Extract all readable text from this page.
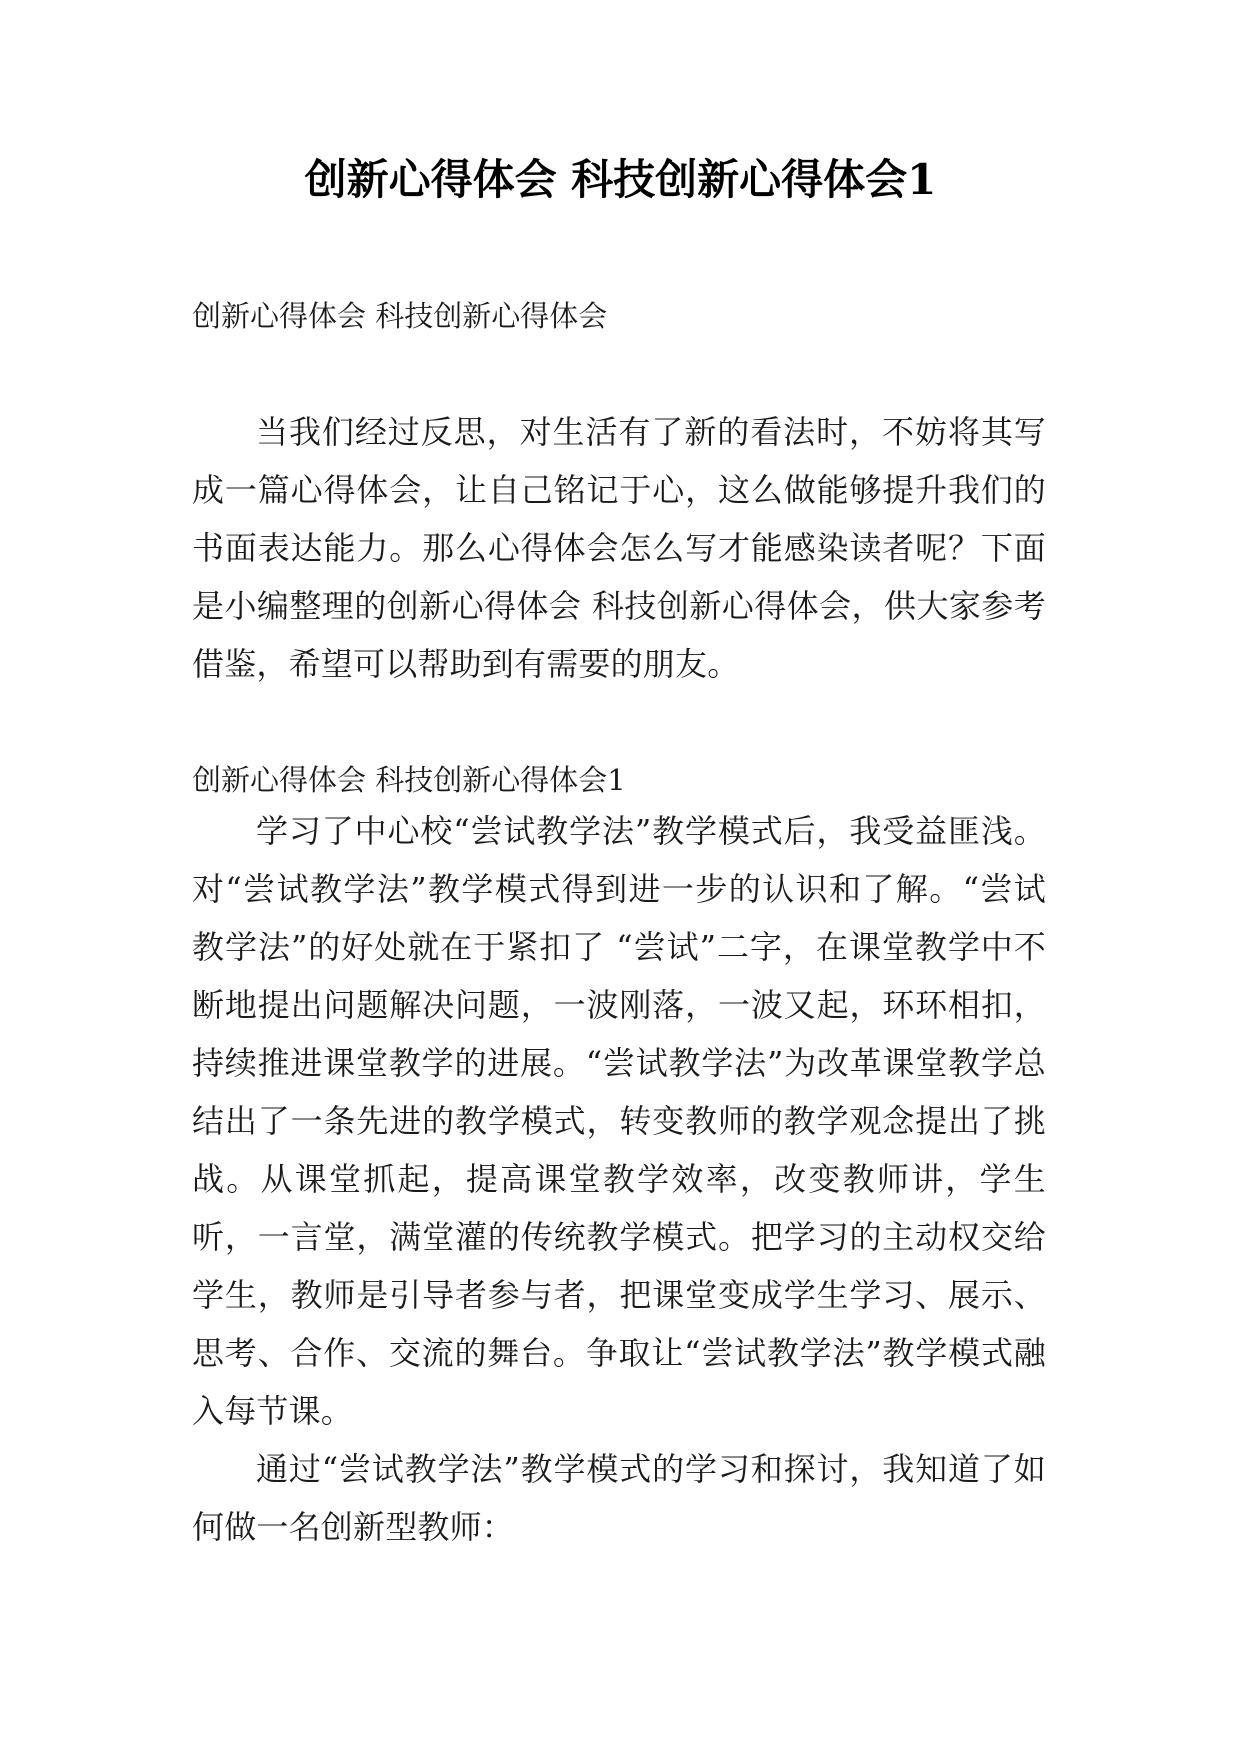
创新心得体会 科技创新心得体会1
创新心得体会 科技创新心得体会

当我们经过反思，对生活有了新的看法时，不妨将其写成一篇心得体会，让自己铭记于心，这么做能够提升我们的书面表达能力。那么心得体会怎么写才能感染读者呢？下面是小编整理的创新心得体会 科技创新心得体会，供大家参考借鉴，希望可以帮助到有需要的朋友。

创新心得体会 科技创新心得体会1

学习了中心校“尝试教学法”教学模式后，我受益匪浅。对“尝试教学法”教学模式得到进一步的认识和了解。“尝试教学法”的好处就在于紧扣了 “尝试”二字，在课堂教学中不断地提出问题解决问题，一波刚落，一波又起，环环相扣，持续推进课堂教学的进展。“尝试教学法”为改革课堂教学总结出了一条先进的教学模式，转变教师的教学观念提出了挑战。从课堂抓起，提高课堂教学效率，改变教师讲，学生听，一言堂，满堂灌的传统教学模式。把学习的主动权交给学生，教师是引导者参与者，把课堂变成学生学习、展示、思考、合作、交流的舞台。争取让“尝试教学法”教学模式融入每节课。

通过“尝试教学法”教学模式的学习和探讨，我知道了如何做一名创新型教师：
